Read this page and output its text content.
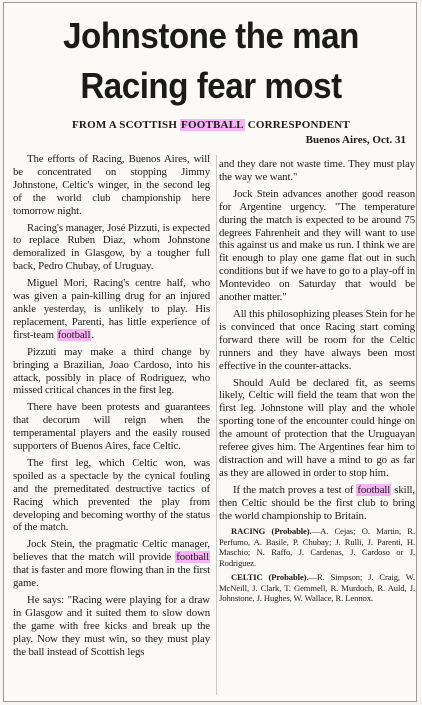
Johnstone the man
Racing fear most
FROM A SCOTTISH FOOTBALL CORRESPONDENT
Buenos Aires, Oct. 31

The efforts of Racing, Buenos Aires, will be concentrated on stopping Jimmy Johnstone, Celtic's winger, in the second leg of the world club championship here tomorrow night.

Racing's manager, José Pizzuti, is expected to replace Ruben Diaz, whom Johnstone demoralized in Glasgow, by a tougher full back, Pedro Chubay, of Uruguay.

Miguel Mori, Racing's centre half, who was given a pain-killing drug for an injured ankle yesterday, is unlikely to play. His replacement, Parenti, has little experience of first-team football.

Pizzuti may make a third change by bringing a Brazilian, Joao Cardoso, into his attack, possibly in place of Rodriguez, who missed critical chances in the first leg.

There have been protests and guarantees that decorum will reign when the temperamental players and the easily roused supporters of Buenos Aires, face Celtic.

The first leg, which Celtic won, was spoiled as a spectacle by the cynical fouling and the premeditated destructive tactics of Racing which prevented the play from developing and becoming worthy of the status of the match.

Jock Stein, the pragmatic Celtic manager, believes that the match will provide football that is faster and more flowing than in the first game.

He says: "Racing were playing for a draw in Glasgow and it suited them to slow down the game with free kicks and break up the play. Now they must win, so they must play the ball instead of Scottish legs

and they dare not waste time. They must play the way we want."

Jock Stein advances another good reason for Argentine urgency. "The temperature during the match is expected to be around 75 degrees Fahrenheit and they will want to use this against us and make us run. I think we are fit enough to play one game flat out in such conditions but if we have to go to a play-off in Montevideo on Saturday that would be another matter."

All this philosophizing pleases Stein for he is convinced that once Racing start coming forward there will be room for the Celtic runners and they have always been most effective in the counter-attacks.

Should Auld be declared fit, as seems likely, Celtic will field the team that won the first leg. Johnstone will play and the whole sporting tone of the encounter could hinge on the amount of protection that the Uruguayan referee gives him. The Argentines fear him to distraction and will have a mind to go as far as they are allowed in order to stop him.

If the match proves a test of football skill, then Celtic should be the first club to bring the world championship to Britain.

RACING (Probable).—A. Cejas; O. Martin, R. Perfumo, A. Basile, P. Chubay; J. Rulli, J. Parenti, H. Maschio; N. Raffo, J. Cardenas, J. Cardoso or J. Rodriguez.
CELTIC (Probable).—R. Simpson; J. Craig, W. McNeill, J. Clark, T. Gemmell, R. Murdoch, R. Auld, J. Johnstone, J. Hughes, W. Wallace, R. Lennox.
